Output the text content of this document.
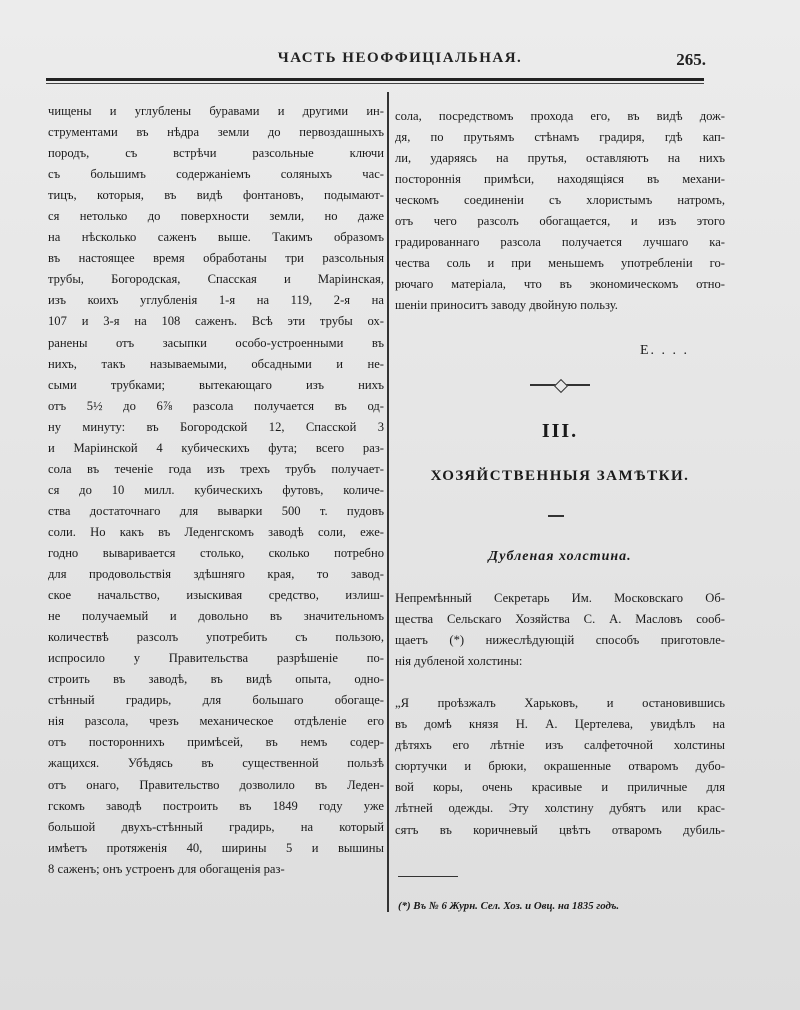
ЧАСТЬ НЕОФФИЦІАЛЬНАЯ.	265.
чищены и углублены буравами и другими ин-
струментами въ нѣдра земли до первоздашныхъ
породъ, съ встрѣчи разсольные ключи
съ большимъ содержаніемъ соляныхъ час-
тицъ, которыя, въ видѣ фонтановъ, подымают-
ся нетолько до поверхности земли, но даже
на нѣсколько саженъ выше. Такимъ образомъ
въ настоящее время обработаны три разсольныя
трубы, Богородская, Спасская и Маріинская,
изъ коихъ углубленія 1-я на 119, 2-я на
107 и 3-я на 108 саженъ. Всѣ эти трубы ох-
ранены отъ засыпки особо-устроенными въ
нихъ, такъ называемыми, обсадными и не-
сыми трубками; вытекающаго изъ нихъ
отъ 5½ до 6⅞ разсола получается въ од-
ну минуту: въ Богородской 12, Спасской 3
и Маріинской 4 кубическихъ фута; всего раз-
сола въ теченіе года изъ трехъ трубъ получает-
ся до 10 милл. кубическихъ футовъ, количе-
ства достаточнаго для выварки 500 т. пудовъ
соли. Но какъ въ Леденгскомъ заводѣ соли, еже-
годно вывариваетcя столько, сколько потребно
для продовольствія здѣшняго края, то завод-
ское начальство, изыскивая средство, излиш-
не получаемый и довольно въ значительномъ
количествѣ разсолъ употребить съ пользою,
испросило у Правительства разрѣшеніе по-
строить въ заводѣ, въ видѣ опыта, одно-
стѣнный градирь, для большаго обогаще-
нія разсола, чрезъ механическое отдѣленіе его
отъ постороннихъ примѣсей, въ немъ содер-
жащихся. Убѣдясь въ существенной пользѣ
отъ онаго, Правительство дозволило въ Леден-
гскомъ заводѣ построить въ 1849 году уже
большой двухъ-стѣнный градирь, на который
имѣетъ протяженія 40, ширины 5 и вышины
8 саженъ; онъ устроенъ для обогащенія раз-
сола, посредствомъ прохода его, въ видѣ дож-
дя, по прутьямъ стѣнамъ градиря, гдѣ кап-
ли, ударяясь на прутья, оставляютъ на нихъ
постороннія примѣси, находящіяся въ механи-
ческомъ соединеніи съ хлористымъ натромъ,
отъ чего разсолъ обогащается, и изъ этого
градированнаго разсола получается лучшаго ка-
чества соль и при меньшемъ употребленіи го-
рючаго матеріала, что въ экономическомъ отно-
шеніи приноситъ заводу двойную пользу.
Е. . . .
III.
ХОЗЯЙСТВЕННЫЯ ЗАМѢТКИ.
Дубленая холстина.
Непремѣнный Секретарь Им. Московскаго Об-
щества Сельскаго Хозяйства С. А. Масловъ сооб-
щаетъ (*) нижеслѣдующій способъ приготовле-
нія дубленой холстины:
„Я проѣзжалъ Харьковъ, и остановившись
въ домѣ князя Н. А. Цертелева, увидѣлъ на
дѣтяхъ его лѣтніе изъ салфеточной холстины
сюртучки и брюки, окрашенные отваромъ дубо-
вой коры, очень красивые и приличные для
лѣтней одежды. Эту холстину дубятъ или крас-
сятъ въ коричневый цвѣтъ отваромъ дубиль-
(*) Въ № 6 Журн. Сел. Хоз. и Овц. на 1835 годъ.
